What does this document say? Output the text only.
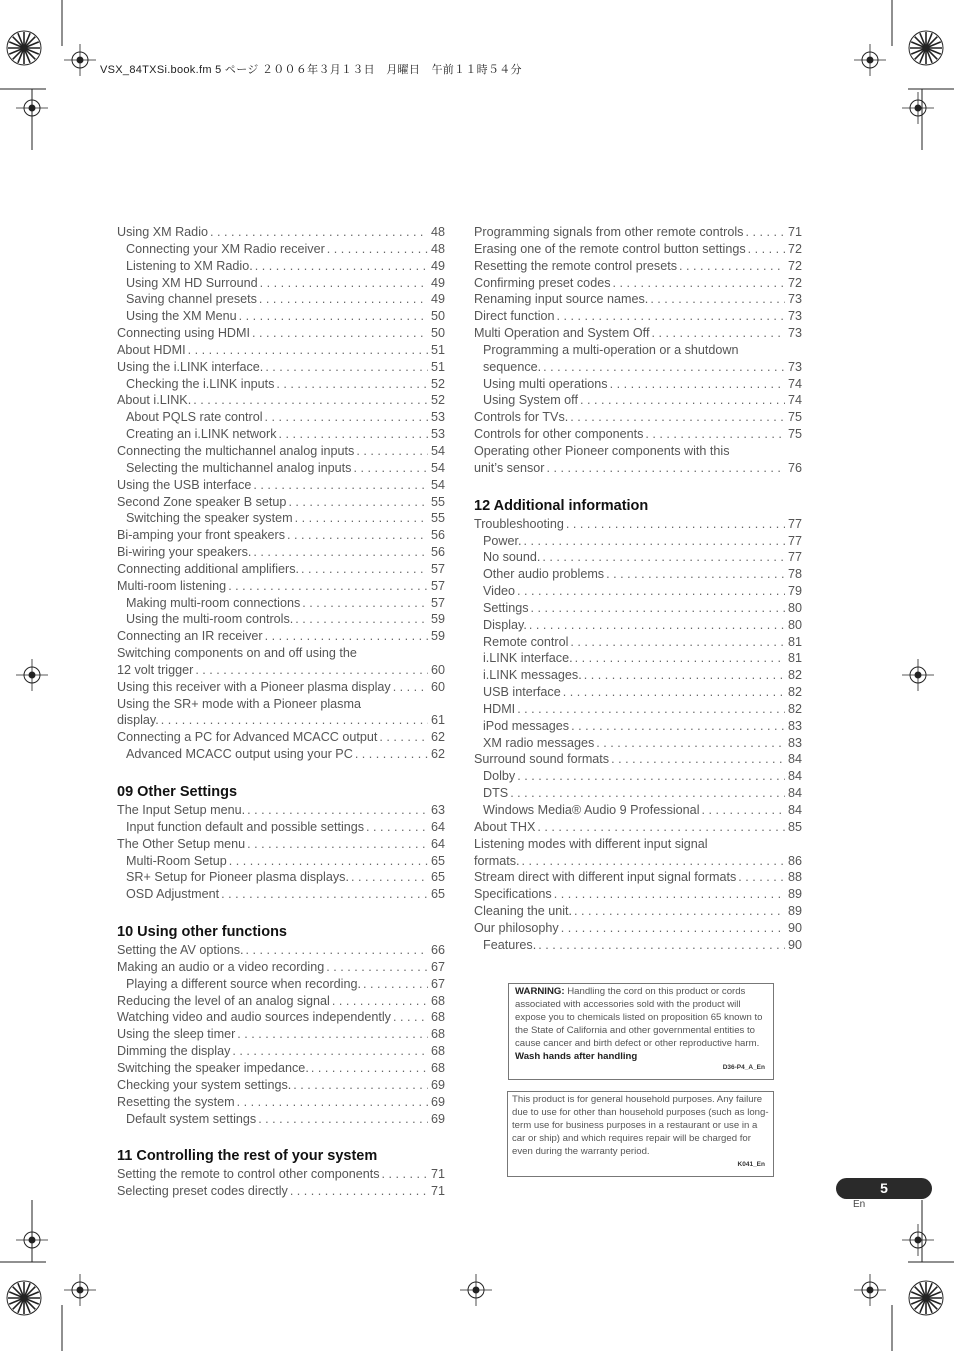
VSX_84TXSi.book.fm 5 ページ ２００６年３月１３日　月曜日　午前１１時５４分
Using XM Radio . . .	48
Connecting your XM Radio receiver . . .	48
Listening to XM Radio. . . .	49
Using XM HD Surround . . .	49
Saving channel presets . . .	49
Using the XM Menu . . .	50
Connecting using HDMI . . .	50
About HDMI . . .	51
Using the i.LINK interface. . . .	51
Checking the i.LINK inputs . . .	52
About i.LINK. . . .	52
About PQLS rate control . . .	53
Creating an i.LINK network . . .	53
Connecting the multichannel analog inputs . . .	54
Selecting the multichannel analog inputs . . .	54
Using the USB interface . . .	54
Second Zone speaker B setup . . .	55
Switching the speaker system . . .	55
Bi-amping your front speakers . . .	56
Bi-wiring your speakers. . . .	56
Connecting additional amplifiers. . . .	57
Multi-room listening . . .	57
Making multi-room connections . . .	57
Using the multi-room controls. . . .	59
Connecting an IR receiver . . .	59
Switching components on and off using the
12 volt trigger . . .	60
Using this receiver with a Pioneer plasma display . . .	60
Using the SR+ mode with a Pioneer plasma
display. . . .	61
Connecting a PC for Advanced MCACC output . . .	62
Advanced MCACC output using your PC . . .	62
09 Other Settings
The Input Setup menu. . . .	63
Input function default and possible settings . . .	64
The Other Setup menu . . .	64
Multi-Room Setup . . .	65
SR+ Setup for Pioneer plasma displays. . . .	65
OSD Adjustment . . .	65
10 Using other functions
Setting the AV options. . . .	66
Making an audio or a video recording . . .	67
Playing a different source when recording. . . .	67
Reducing the level of an analog signal . . .	68
Watching video and audio sources independently . . .	68
Using the sleep timer . . .	68
Dimming the display . . .	68
Switching the speaker impedance. . . .	68
Checking your system settings. . . .	69
Resetting the system . . .	69
Default system settings . . .	69
11 Controlling the rest of your system
Setting the remote to control other components . . .	71
Selecting preset codes directly . . .	71
Programming signals from other remote controls . . .	71
Erasing one of the remote control button settings . . .	72
Resetting the remote control presets . . .	72
Confirming preset codes . . .	72
Renaming input source names. . . .	73
Direct function . . .	73
Multi Operation and System Off . . .	73
Programming a multi-operation or a shutdown
sequence. . . .	73
Using multi operations . . .	74
Using System off . . .	74
Controls for TVs. . . .	75
Controls for other components . . .	75
Operating other Pioneer components with this
unit’s sensor . . .	76
12 Additional information
Troubleshooting . . .	77
Power. . . .	77
No sound. . . .	77
Other audio problems . . .	78
Video . . .	79
Settings . . .	80
Display. . . .	80
Remote control . . .	81
i.LINK interface. . . .	81
i.LINK messages. . . .	82
USB interface . . .	82
HDMI . . .	82
iPod messages . . .	83
XM radio messages . . .	83
Surround sound formats . . .	84
Dolby . . .	84
DTS . . .	84
Windows Media® Audio 9 Professional . . .	84
About THX . . .	85
Listening modes with different input signal
formats. . . .	86
Stream direct with different input signal formats . . .	88
Specifications . . .	89
Cleaning the unit. . . .	89
Our philosophy . . .	90
Features. . . .	90
WARNING: Handling the cord on this product or cords associated with accessories sold with the product will expose you to chemicals listed on proposition 65 known to the State of California and other governmental entities to cause cancer and birth defect or other reproductive harm.
Wash hands after handling
D36-P4_A_En
This product is for general household purposes. Any failure due to use for other than household purposes (such as long-term use for business purposes in a restaurant or use in a car or ship) and which requires repair will be charged for even during the warranty period.
K041_En
5
En
